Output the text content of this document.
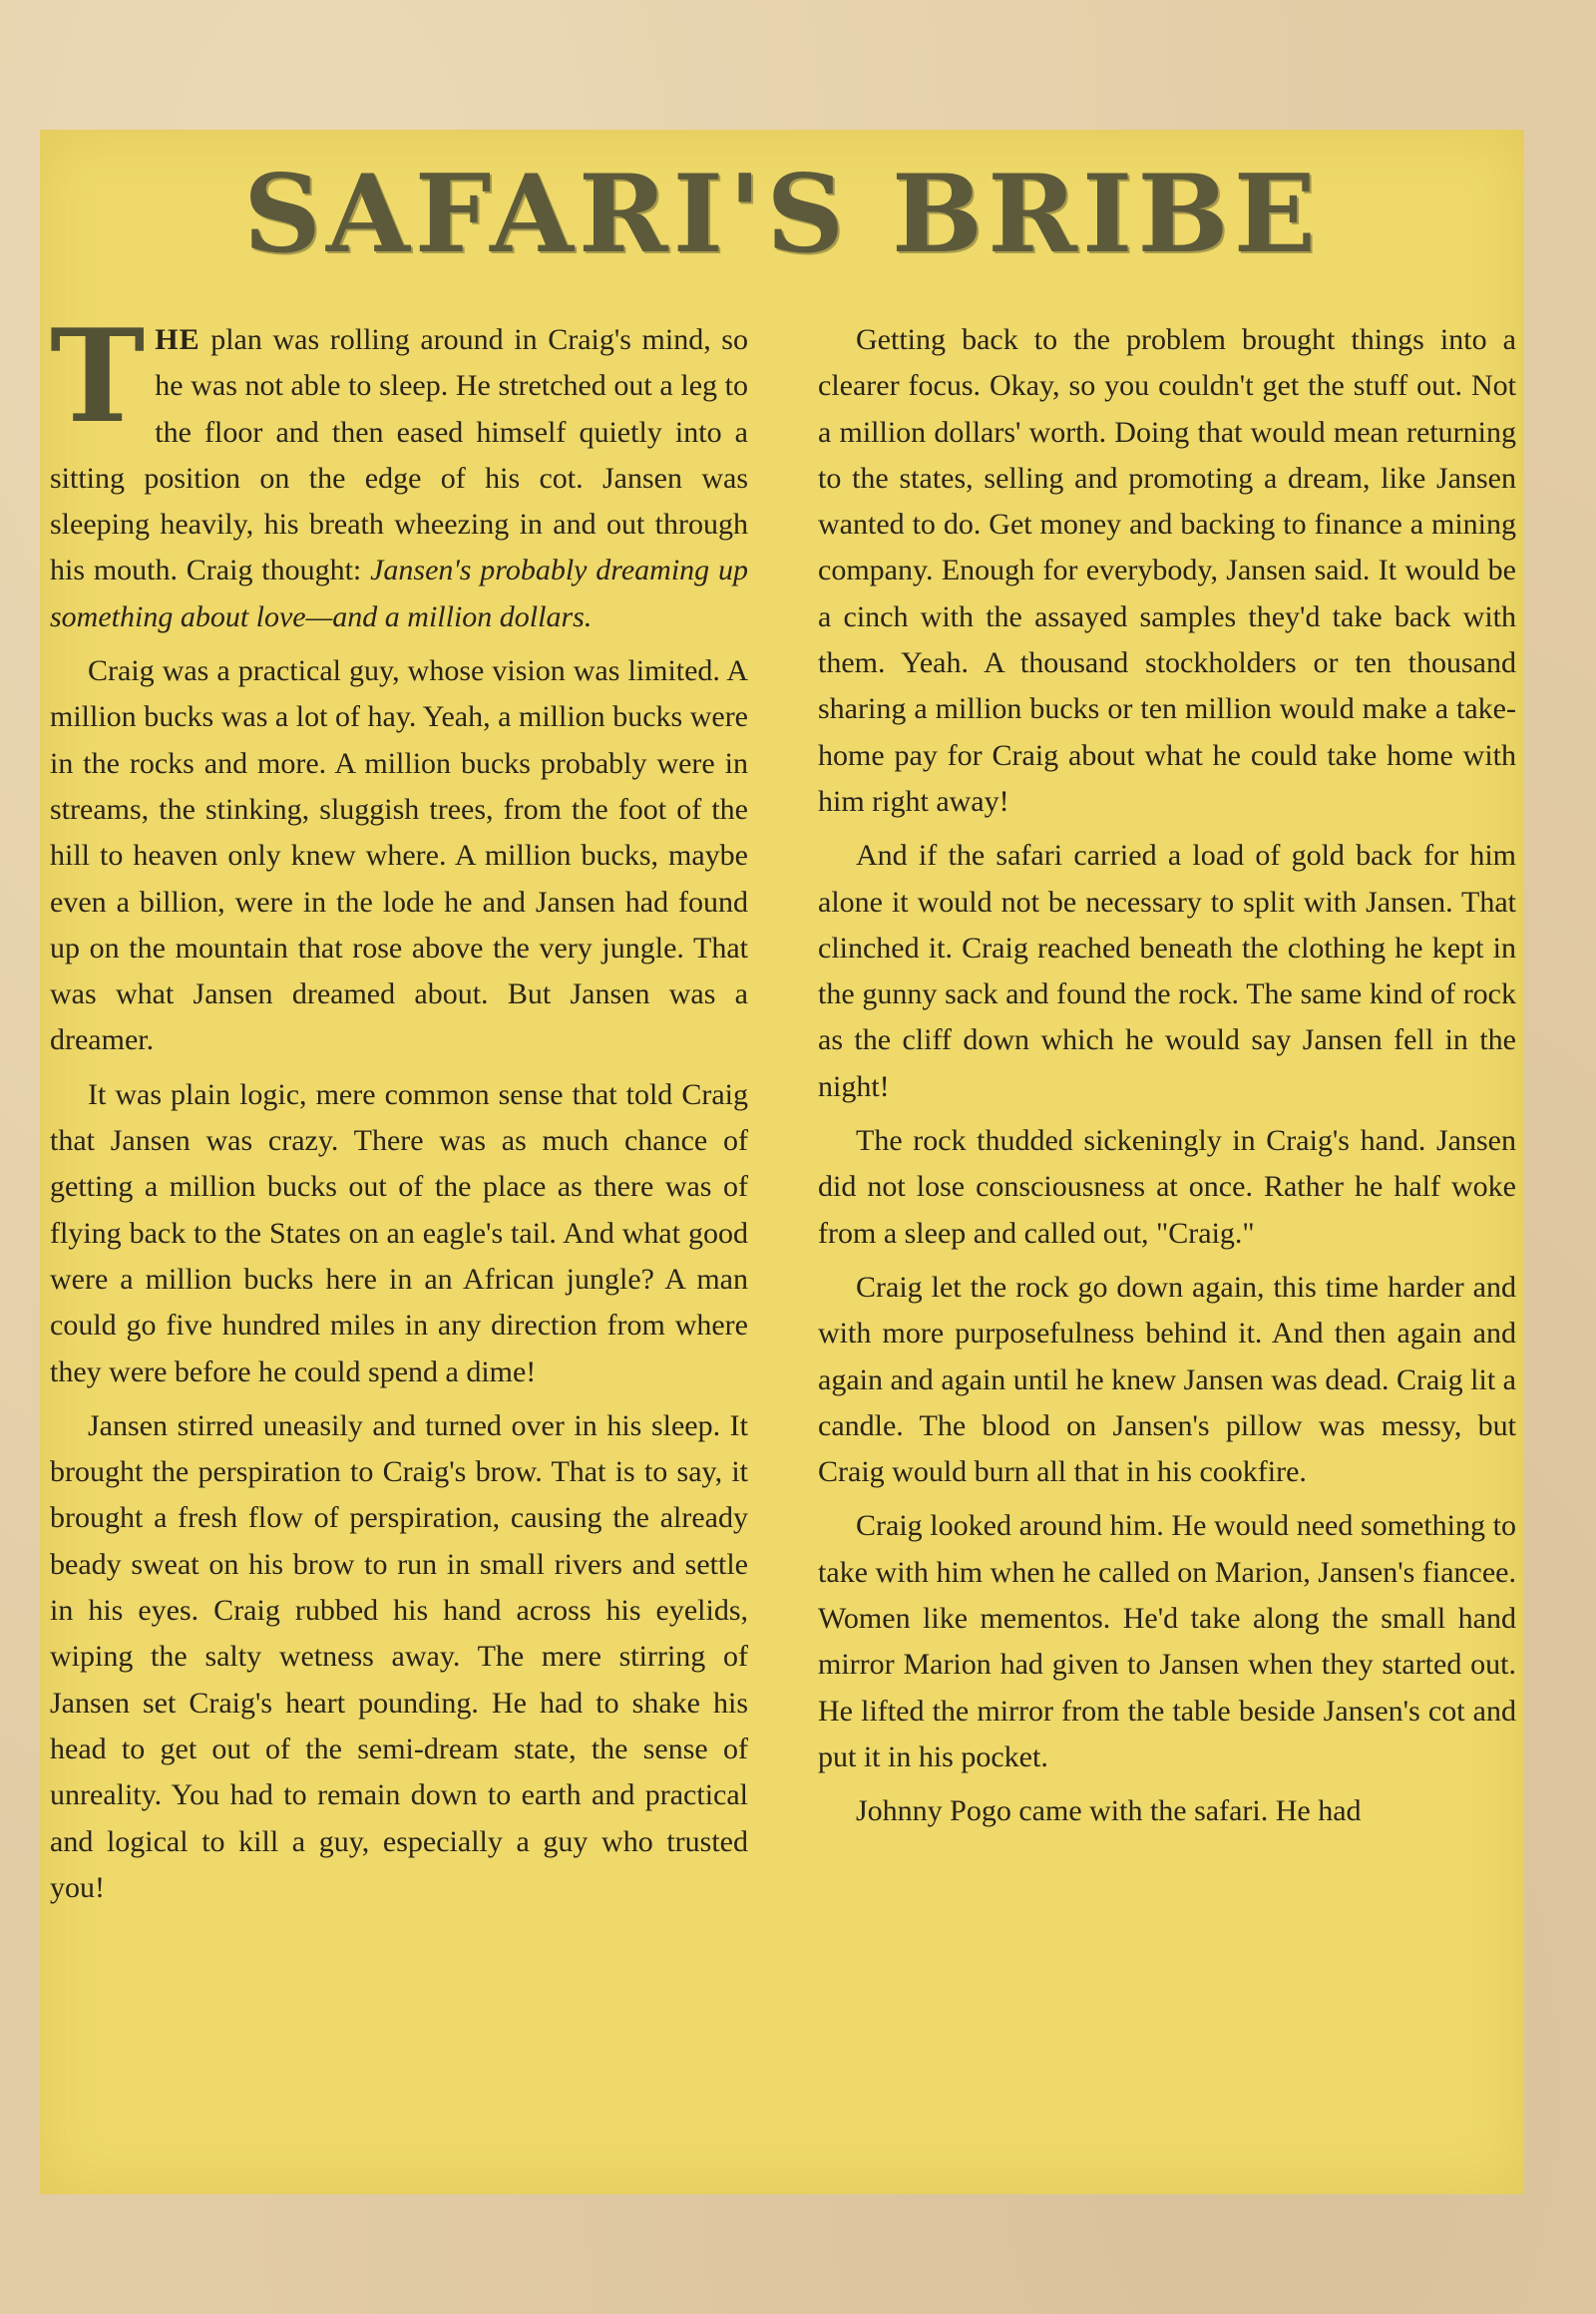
SAFARI'S BRIBE

THE plan was rolling around in Craig's mind, so he was not able to sleep. He stretched out a leg to the floor and then eased himself quietly into a sitting position on the edge of his cot. Jansen was sleeping heavily, his breath wheezing in and out through his mouth. Craig thought: Jansen's probably dreaming up something about love—and a million dollars.

Craig was a practical guy, whose vision was limited. A million bucks was a lot of hay. Yeah, a million bucks were in the rocks and more. A million bucks probably were in streams, the stinking, sluggish trees, from the foot of the hill to heaven only knew where. A million bucks, maybe even a billion, were in the lode he and Jansen had found up on the mountain that rose above the very jungle. That was what Jansen dreamed about. But Jansen was a dreamer.

It was plain logic, mere common sense that told Craig that Jansen was crazy. There was as much chance of getting a million bucks out of the place as there was of flying back to the States on an eagle's tail. And what good were a million bucks here in an African jungle? A man could go five hundred miles in any direction from where they were before he could spend a dime!

Jansen stirred uneasily and turned over in his sleep. It brought the perspiration to Craig's brow. That is to say, it brought a fresh flow of perspiration, causing the already beady sweat on his brow to run in small rivers and settle in his eyes. Craig rubbed his hand across his eyelids, wiping the salty wetness away. The mere stirring of Jansen set Craig's heart pounding. He had to shake his head to get out of the semi-dream state, the sense of unreality. You had to remain down to earth and practical and logical to kill a guy, especially a guy who trusted you!

Getting back to the problem brought things into a clearer focus. Okay, so you couldn't get the stuff out. Not a million dollars' worth. Doing that would mean returning to the states, selling and promoting a dream, like Jansen wanted to do. Get money and backing to finance a mining company. Enough for everybody, Jansen said. It would be a cinch with the assayed samples they'd take back with them. Yeah. A thousand stockholders or ten thousand sharing a million bucks or ten million would make a take-home pay for Craig about what he could take home with him right away!

And if the safari carried a load of gold back for him alone it would not be necessary to split with Jansen. That clinched it. Craig reached beneath the clothing he kept in the gunny sack and found the rock. The same kind of rock as the cliff down which he would say Jansen fell in the night!

The rock thudded sickeningly in Craig's hand. Jansen did not lose consciousness at once. Rather he half woke from a sleep and called out, "Craig."

Craig let the rock go down again, this time harder and with more purposefulness behind it. And then again and again and again until he knew Jansen was dead. Craig lit a candle. The blood on Jansen's pillow was messy, but Craig would burn all that in his cookfire.

Craig looked around him. He would need something to take with him when he called on Marion, Jansen's fiancee. Women like mementos. He'd take along the small hand mirror Marion had given to Jansen when they started out. He lifted the mirror from the table beside Jansen's cot and put it in his pocket.

Johnny Pogo came with the safari. He had
